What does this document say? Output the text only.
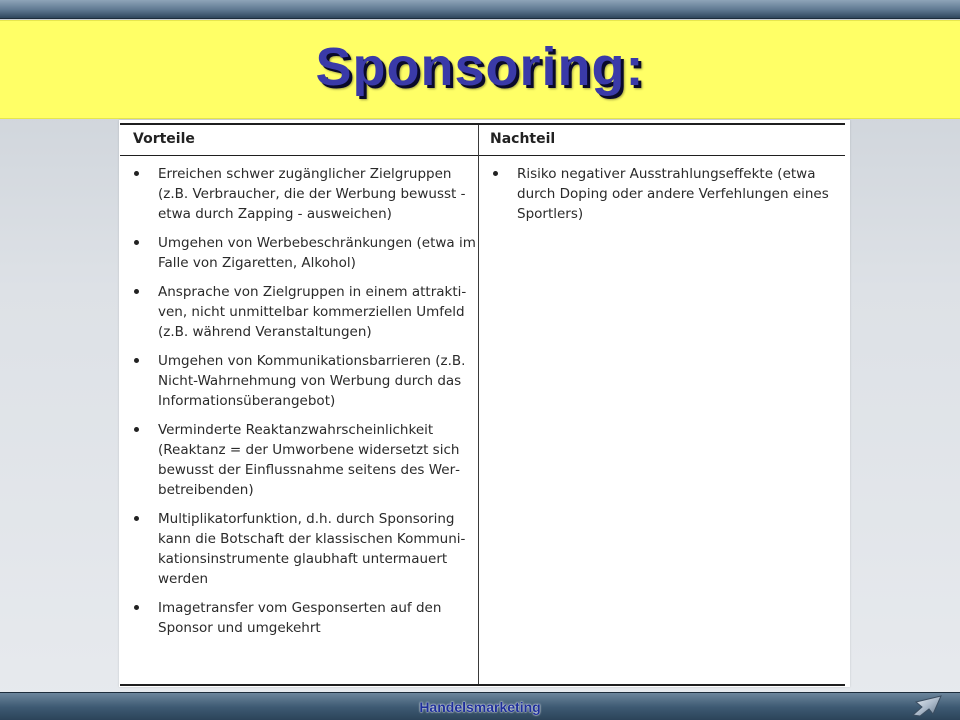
Sponsoring:
Vorteile	Nachteil
Erreichen schwer zugänglicher Zielgruppen (z.B. Verbraucher, die der Werbung bewusst - etwa durch Zapping - ausweichen)
Umgehen von Werbebeschränkungen (etwa im Falle von Zigaretten, Alkohol)
Ansprache von Zielgruppen in einem attraktiven, nicht unmittelbar kommerziellen Umfeld (z.B. während Veranstaltungen)
Umgehen von Kommunikationsbarrieren (z.B. Nicht-Wahrnehmung von Werbung durch das Informationsüberangebot)
Verminderte Reaktanzwahrscheinlichkeit (Reaktanz = der Umworbene widersetzt sich bewusst der Einflussnahme seitens des Werbetreibenden)
Multiplikatorfunktion, d.h. durch Sponsoring kann die Botschaft der klassischen Kommunikationsinstrumente glaubhaft untermauert werden
Imagetransfer vom Gesponserten auf den Sponsor und umgekehrt
Risiko negativer Ausstrahlungseffekte (etwa durch Doping oder andere Verfehlungen eines Sportlers)
Handelsmarketing
